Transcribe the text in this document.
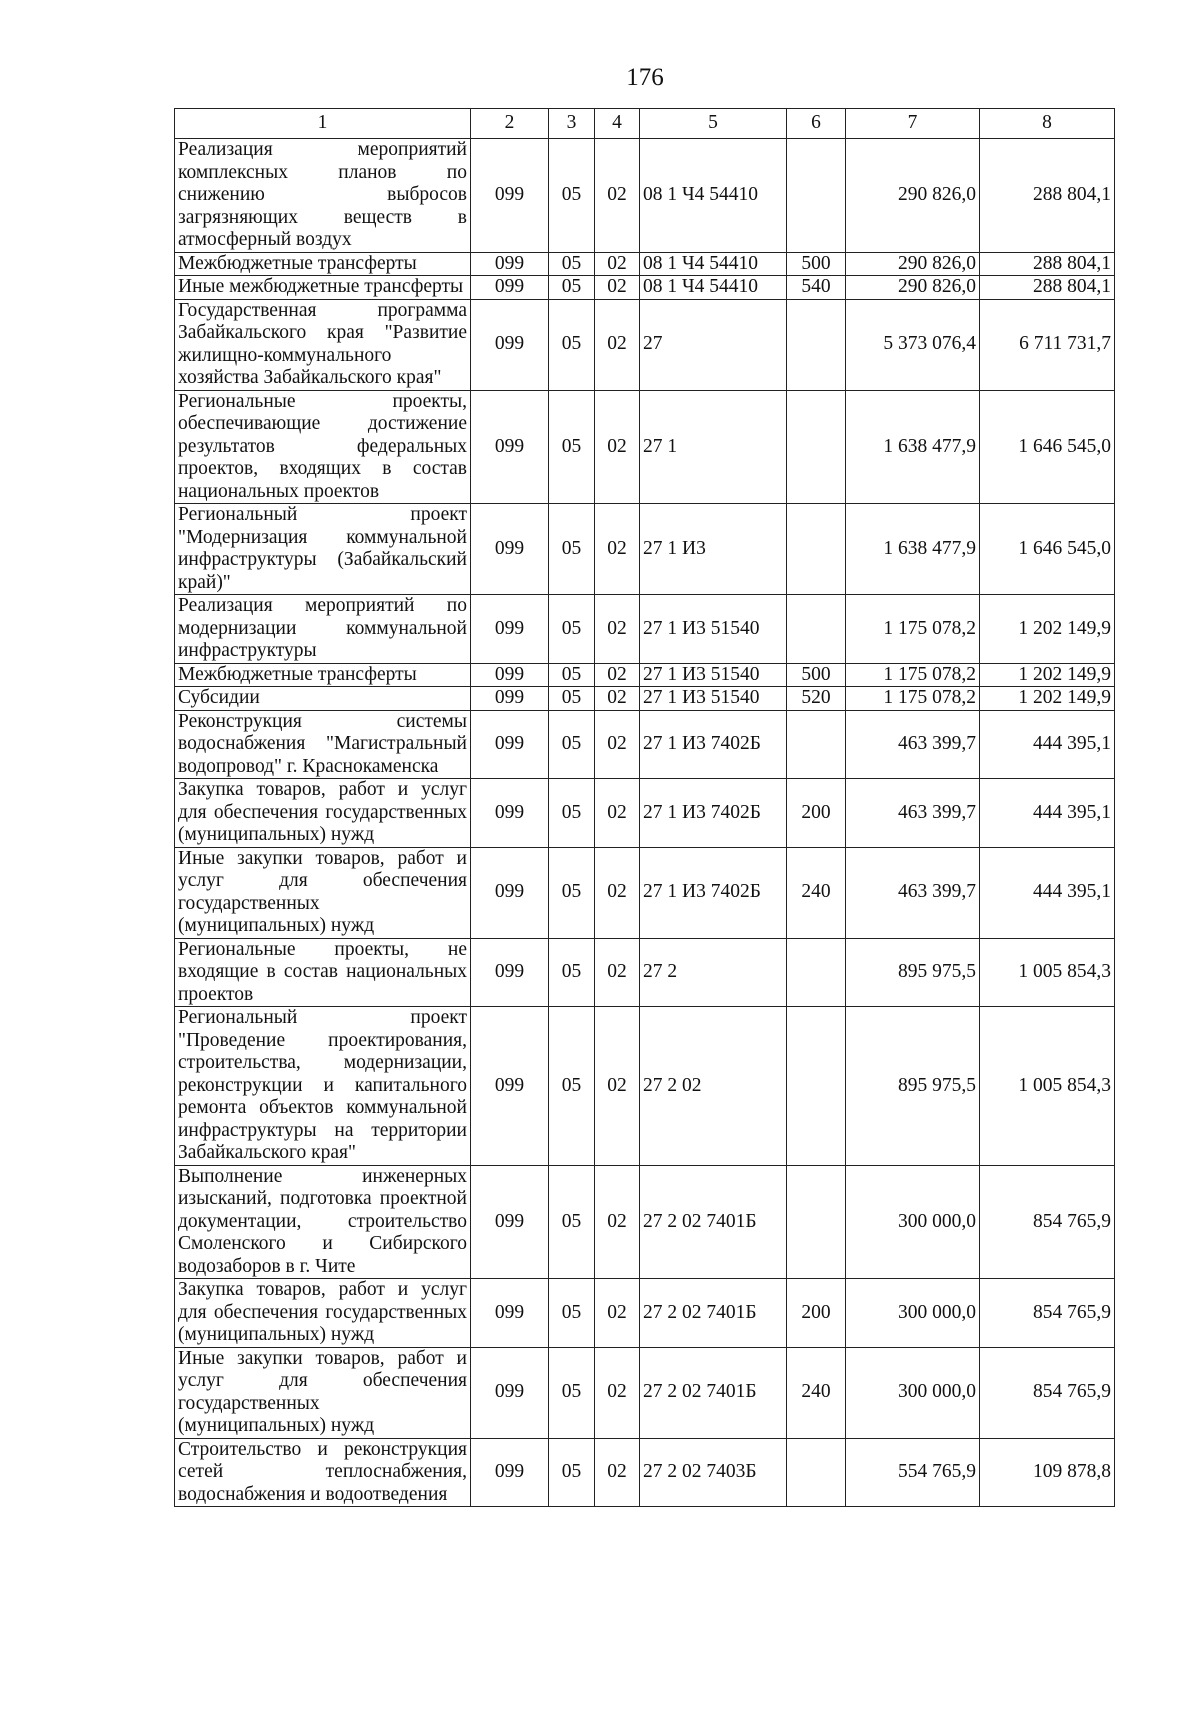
176
1	2	3	4	5	6	7	8
Реализация мероприятий комплексных планов по снижению выбросов загрязняющих веществ в атмосферный воздух	099	05	02	08 1 Ч4 54410		290 826,0	288 804,1
Межбюджетные трансферты	099	05	02	08 1 Ч4 54410	500	290 826,0	288 804,1
Иные межбюджетные трансферты	099	05	02	08 1 Ч4 54410	540	290 826,0	288 804,1
Государственная программа Забайкальского края "Развитие жилищно-коммунального хозяйства Забайкальского края"	099	05	02	27		5 373 076,4	6 711 731,7
Региональные проекты, обеспечивающие достижение результатов федеральных проектов, входящих в состав национальных проектов	099	05	02	27 1		1 638 477,9	1 646 545,0
Региональный проект "Модернизация коммунальной инфраструктуры (Забайкальский край)"	099	05	02	27 1 И3		1 638 477,9	1 646 545,0
Реализация мероприятий по модернизации коммунальной инфраструктуры	099	05	02	27 1 И3 51540		1 175 078,2	1 202 149,9
Межбюджетные трансферты	099	05	02	27 1 И3 51540	500	1 175 078,2	1 202 149,9
Субсидии	099	05	02	27 1 И3 51540	520	1 175 078,2	1 202 149,9
Реконструкция системы водоснабжения "Магистральный водопровод" г. Краснокаменска	099	05	02	27 1 И3 7402Б		463 399,7	444 395,1
Закупка товаров, работ и услуг для обеспечения государственных (муниципальных) нужд	099	05	02	27 1 И3 7402Б	200	463 399,7	444 395,1
Иные закупки товаров, работ и услуг для обеспечения государственных (муниципальных) нужд	099	05	02	27 1 И3 7402Б	240	463 399,7	444 395,1
Региональные проекты, не входящие в состав национальных проектов	099	05	02	27 2		895 975,5	1 005 854,3
Региональный проект "Проведение проектирования, строительства, модернизации, реконструкции и капитального ремонта объектов коммунальной инфраструктуры на территории Забайкальского края"	099	05	02	27 2 02		895 975,5	1 005 854,3
Выполнение инженерных изысканий, подготовка проектной документации, строительство Смоленского и Сибирского водозаборов в г. Чите	099	05	02	27 2 02 7401Б		300 000,0	854 765,9
Закупка товаров, работ и услуг для обеспечения государственных (муниципальных) нужд	099	05	02	27 2 02 7401Б	200	300 000,0	854 765,9
Иные закупки товаров, работ и услуг для обеспечения государственных (муниципальных) нужд	099	05	02	27 2 02 7401Б	240	300 000,0	854 765,9
Строительство и реконструкция сетей теплоснабжения, водоснабжения и водоотведения	099	05	02	27 2 02 7403Б		554 765,9	109 878,8
